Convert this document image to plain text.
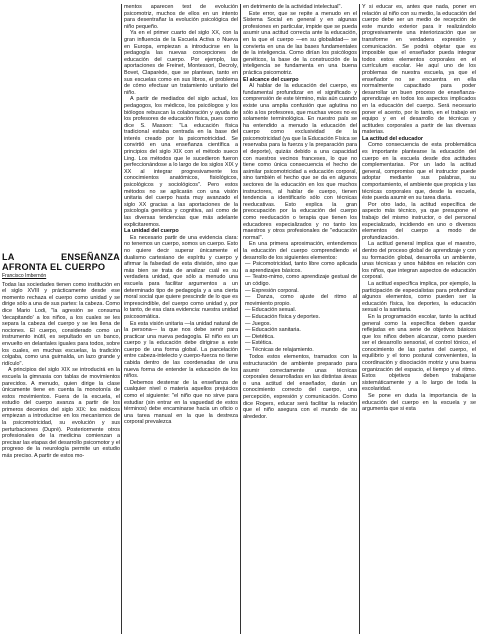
LA ENSEÑANZA AFRONTA EL CUERPO
Francisco Imbernón

Todas las sociedades tienen como institución en el siglo XVIII y prácticamente desde ese momento rechaza el cuerpo como unidad y se dirige sólo a una de sus partes: la cabeza. Como dice Mario Lodi, "la agresión se consuma 'decapitando' a los niños, a los cuales se les separa la cabeza del cuerpo y se les llena de nociones. El cuerpo, considerado como un instrumento inútil, es sepultado en un banco, envuelto en delantales iguales para todos, sobre los cuales, en muchas escuelas, la tradición colgaba, como una guirnalda, un lazo grande y ridículo".

A principios del siglo XIX se introducirá en la escuela la gimnasia con tablas de movimientos parecidos. A menudo, quien dirige la clase únicamente tiene en cuenta la monotonía de estos movimientos. Fuera de la escuela, el estudio del cuerpo avanza a partir de los primeros decenios del siglo XIX: los médicos empiezan a introducirse en los mecanismos de la psicomotricidad, su evolución y sus perturbaciones (Dupré). Posteriormente otros profesionales de la medicina comienzan a precisar las etapas del desarrollo psicomotor y el progreso de la neurología permite un estudio más preciso. A partir de estos mo-

mentos aparecen test de evolución psicomotriz, muchos de ellos en un intento para desentrañar la evolución psicológica del niño pequeño.

Ya en el primer cuarto del siglo XX, con la gran influencia de la Escuela Activa o Nueva en Europa, empiezan a introducirse en la pedagogía las nuevas concepciones de educación del cuerpo. Por ejemplo, las aportaciones de Freinet, Montessori, Decroly, Bovet, Claparède, que se plantean, tanto en sus escuelas como en sus libros, el problema de cómo efectuar un tratamiento unitario del niño.

A partir de mediados del siglo actual, los pedagogos, los médicos, los psicólogos y los biólogos rebuscan la colaboración y ayuda de los profesores de educación física, pues como dice S. Masson: "La educación física tradicional estaba centrada en la base del interés creado por la psicomotricidad. Se convirtió en una enseñanza científica a principios del siglo XIX con el método sueco Ling. Los métodos que le sucedieron fueron perfeccionándose a lo largo de los siglos XIX y XX al integrar progresivamente los conocimientos anatómicos, fisiológicos, psicológicos y sociológicos". Pero estos métodos no se aplicarán con una visión unitaria del cuerpo hasta muy avanzado el siglo XX gracias a las aportaciones de la psicología genética y cognitiva, así como de las diversas tendencias que más adelante explicitaremos.

La unidad del cuerpo

Es necesario partir de una evidencia clara: no tenemos un cuerpo, somos un cuerpo. Esto no quiere decir superar únicamente el dualismo cartesiano de espíritu y cuerpo y afirmar la falsedad de esta división, sino que más bien se trata de analizar cuál es su verdadera unidad, que sólo a menudo una escuela para facilitar argumentos a un determinado tipo de pedagogía y a una cierta moral social que quiere prescindir de lo que es imprescindible, del cuerpo como unidad y, por lo tanto, de esa clara evidencia: nuestra unidad psicosomática.

Es esta visión unitaria —la unidad natural de la persona— la que nos debe servir para practicar una nueva pedagogía. El niño es un cuerpo y la educación debe dirigirse a este cuerpo de una forma global. La parcelación entre cabeza-intelecto y cuerpo-fuerza no tiene cabida dentro de las coordenadas de una nueva forma de entender la educación de los niños.

Debemos desterrar de la enseñanza de cualquier nivel o materia aquellos prejuicios como el siguiente: "el niño que no sirve para estudiar (sin entrar en la vaguedad de estos términos) debe encaminarse hacia un oficio o una tarea manual en la que la destreza corporal prevalezca

en detrimento de la actividad intelectual".

Este error, que se repite a menudo en el Sistema Social en general y en algunas profesiones en particular, impide que se pueda asumir una actitud correcta ante la educación, en la que el cuerpo —en su globalidad— se convierta en una de las bases fundamentales de la inteligencia. Como dirían los psicólogos genéticos, la base de la construcción de la inteligencia se fundamenta en una buena práctica psicomotriz.

El alcance del cuerpo

Al hablar de la educación del cuerpo, es fundamental profundizar en el significado y comprensión de este término, más aún cuando existe una amplia confusión que aglutina no sólo a los profesores, que muchas veces no es solamente terminológica. En nuestro país se ha entendido a menudo la educación del cuerpo como exclusividad de la psicomotricidad (ya que la Educación Física se reservaba para la fuerza y la preparación para el deporte), quizás debido a una capacidad con nuestros vecinos franceses, lo que no tiene como única consecuencia el hecho de asimilar psicomotricidad a educación corporal, sino también el hecho que se da en algunos sectores de la educación en los que muchos instructores, al hablar de cuerpo, tienen tendencia a identificarlo sólo con técnicas reeducativas. Esto explica la gran preocupación por la educación del cuerpo como reeducación o terapia que tienen los educadores especializados y no tanto los maestros y otros profesionales de "educación normal".

En una primera aproximación, entendemos la educación del cuerpo comprendiendo el desarrollo de los siguientes elementos:

— Psicomotricidad, tanto libre como aplicada a aprendizajes básicos.
— Teatro-mimo, como aprendizaje gestual de un código.
— Expresión corporal.
— Danza, como ajuste del ritmo al movimiento propio.
— Educación sexual.
— Educación física y deportes.
— Juegos.
— Educación sanitaria.
— Dietética.
— Estética.
— Técnicas de relajamiento.

Todos estos elementos, tramados con la estructuración de ambiente preparado para asumir correctamente unas técnicas corporales desarrolladas en las distintas áreas o una actitud del enseñador, darán un conocimiento correcto del cuerpo, una percepción, expresión y comunicación. Como dice Rogers, educar será facilitar la relación que el niño asegura con el mundo de su alrededor.

Y si educar es, antes que nada, poner en relación al niño con su medio, la educación del cuerpo debe ser un medio de recepción de este mundo exterior para ir realizándolo progresivamente una interiorización que se transforme en verdadera expresión y comunicación. Se podrá objetar que es imposible que el enseñador pueda integrar todos estos elementos corporales en el currículum escolar. He aquí uno de los problemas de nuestra escuela, ya que el enseñador no se encuentra en ella normalmente capacitado para poder desarrollar un buen proceso de enseñanza-aprendizaje en todos los aspectos implicados en la educación del cuerpo. Será necesario poner el acento, por lo tanto, en el trabajo en equipo y en el desarrollo de técnicas y actitudes corporales a partir de las diversas materias.

La actitud del educador

Como consecuencia de esta problemática es importante plantearse la educación del cuerpo en la escuela desde dos actitudes complementarias. Por un lado la actitud general, compromiso que el instructor puede adoptar mediante sus palabras, su comportamiento, el ambiente que propicia y las técnicas corporales que, desde la escuela, éste pueda asumir en su tarea diaria.

Por otro lado, la actitud específica de aspecto más técnico, ya que presupone el trabajo del mismo instructor, o del personal especializado, incidiendo en uno o diversos elementos del cuerpo a modo de profundización.

La actitud general implica que el maestro, dentro del proceso global de aprendizaje y con su formación global, desarrolla un ambiente, unas técnicas y unos hábitos en relación con los niños, que integran aspectos de educación corporal.

La actitud específica implica, por ejemplo, la participación de especialistas para profundizar algunos elementos, como pueden ser la educación física, los deportes, la educación sexual o la sanitaria.

En la programación escolar, tanto la actitud general como la específica deben quedar reflejadas en una serie de objetivos básicos que los niños deben alcanzar, como pueden ser el desarrollo sensorial, el control tónico, el conocimiento de las partes del cuerpo, el equilibrio y el tono postural convenientes, la coordinación y disociación motriz y una buena organización del espacio, el tiempo y el ritmo. Estos objetivos deben trabajarse sistemáticamente y a lo largo de toda la escolaridad.

Se pone en duda la importancia de la educación del cuerpo en la escuela y se argumenta que si esta
